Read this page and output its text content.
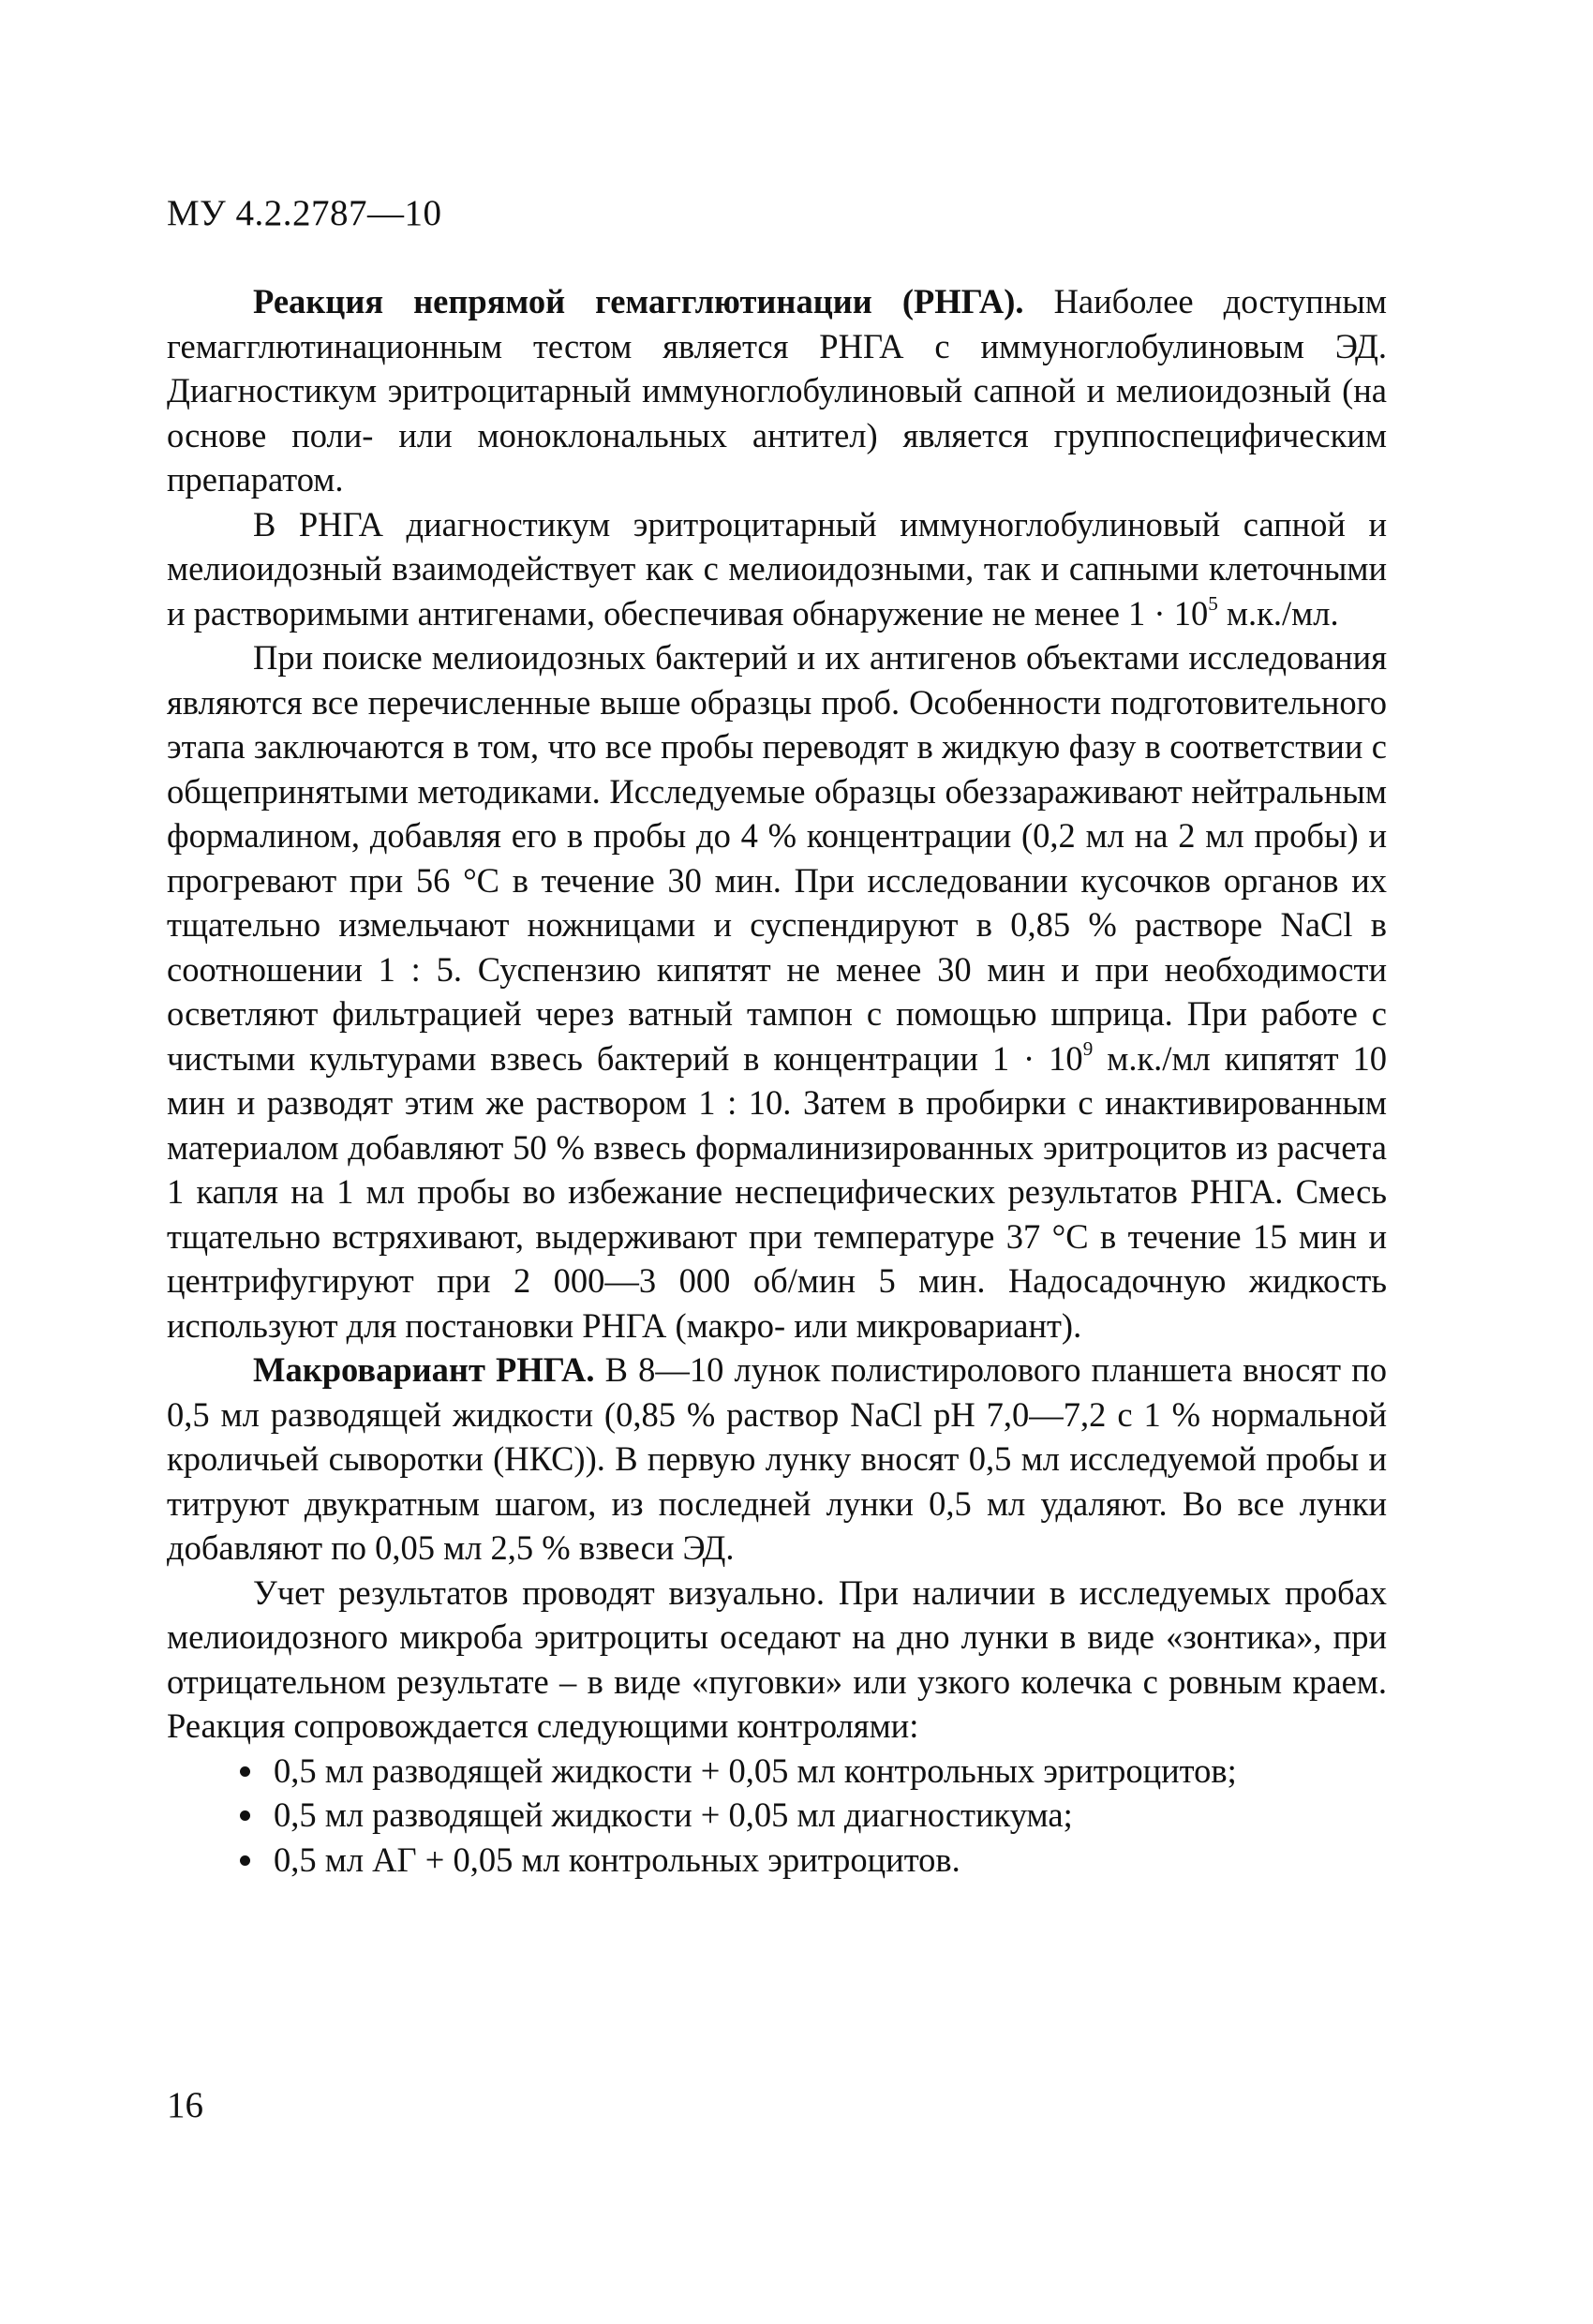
МУ 4.2.2787—10

Реакция непрямой гемагглютинации (РНГА). Наиболее доступным гемагглютинационным тестом является РНГА с иммуноглобулиновым ЭД. Диагностикум эритроцитарный иммуноглобулиновый сапной и мелиоидозный (на основе поли- или моноклональных антител) является группоспецифическим препаратом.

В РНГА диагностикум эритроцитарный иммуноглобулиновый сапной и мелиоидозный взаимодействует как с мелиоидозными, так и сапными клеточными и растворимыми антигенами, обеспечивая обнаружение не менее $1 \cdot 10^5$ м.к./мл.

При поиске мелиоидозных бактерий и их антигенов объектами исследования являются все перечисленные выше образцы проб. Особенности подготовительного этапа заключаются в том, что все пробы переводят в жидкую фазу в соответствии с общепринятыми методиками. Исследуемые образцы обеззараживают нейтральным формалином, добавляя его в пробы до 4 % концентрации (0,2 мл на 2 мл пробы) и прогревают при 56 °С в течение 30 мин. При исследовании кусочков органов их тщательно измельчают ножницами и суспендируют в 0,85 % растворе NaCl в соотношении 1 : 5. Суспензию кипятят не менее 30 мин и при необходимости осветляют фильтрацией через ватный тампон с помощью шприца. При работе с чистыми культурами взвесь бактерий в концентрации $1 \cdot 10^9$ м.к./мл кипятят 10 мин и разводят этим же раствором 1 : 10. Затем в пробирки с инактивированным материалом добавляют 50 % взвесь формалинизированных эритроцитов из расчета 1 капля на 1 мл пробы во избежание неспецифических результатов РНГА. Смесь тщательно встряхивают, выдерживают при температуре 37 °С в течение 15 мин и центрифугируют при 2 000—3 000 об/мин 5 мин. Надосадочную жидкость используют для постановки РНГА (макро- или микровариант).

Макровариант РНГА. В 8—10 лунок полистиролового планшета вносят по 0,5 мл разводящей жидкости (0,85 % раствор NaCl pH 7,0—7,2 с 1 % нормальной кроличьей сыворотки (НКС)). В первую лунку вносят 0,5 мл исследуемой пробы и титруют двукратным шагом, из последней лунки 0,5 мл удаляют. Во все лунки добавляют по 0,05 мл 2,5 % взвеси ЭД.

Учет результатов проводят визуально. При наличии в исследуемых пробах мелиоидозного микроба эритроциты оседают на дно лунки в виде «зонтика», при отрицательном результате – в виде «пуговки» или узкого колечка с ровным краем. Реакция сопровождается следующими контролями:

0,5 мл разводящей жидкости + 0,05 мл контрольных эритроцитов;
0,5 мл разводящей жидкости + 0,05 мл диагностикума;
0,5 мл АГ + 0,05 мл контрольных эритроцитов.
16
